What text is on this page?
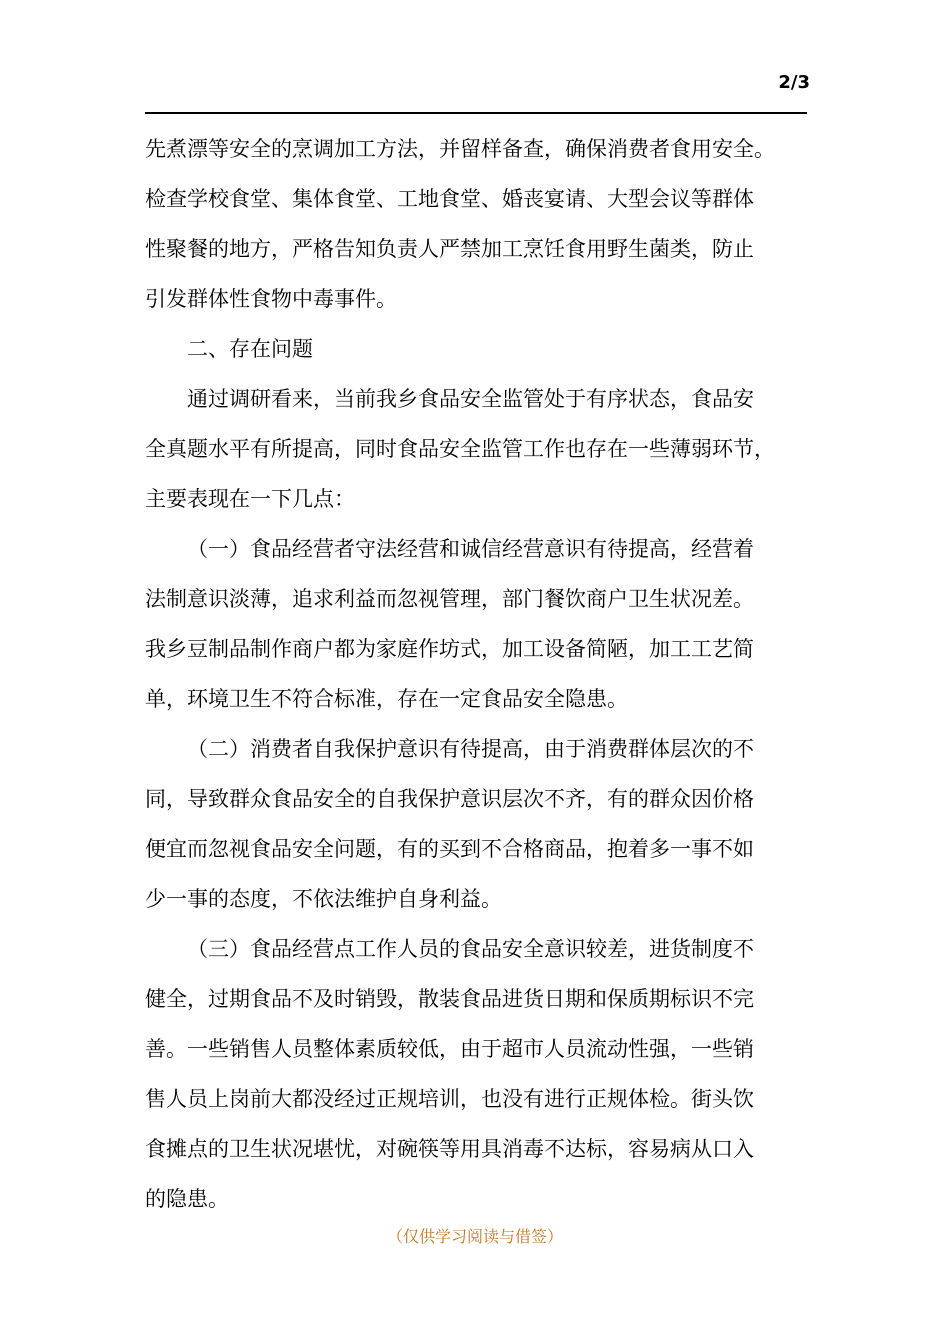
2/3
先煮漂等安全的烹调加工方法，并留样备查，确保消费者食用安全。
检查学校食堂、集体食堂、工地食堂、婚丧宴请、大型会议等群体
性聚餐的地方，严格告知负责人严禁加工烹饪食用野生菌类，防止
引发群体性食物中毒事件。
二、存在问题
通过调研看来，当前我乡食品安全监管处于有序状态，食品安
全真题水平有所提高，同时食品安全监管工作也存在一些薄弱环节，
主要表现在一下几点：
（一）食品经营者守法经营和诚信经营意识有待提高，经营着
法制意识淡薄，追求利益而忽视管理，部门餐饮商户卫生状况差。
我乡豆制品制作商户都为家庭作坊式，加工设备简陋，加工工艺简
单，环境卫生不符合标准，存在一定食品安全隐患。
（二）消费者自我保护意识有待提高，由于消费群体层次的不
同，导致群众食品安全的自我保护意识层次不齐，有的群众因价格
便宜而忽视食品安全问题，有的买到不合格商品，抱着多一事不如
少一事的态度，不依法维护自身利益。
（三）食品经营点工作人员的食品安全意识较差，进货制度不
健全，过期食品不及时销毁，散装食品进货日期和保质期标识不完
善。一些销售人员整体素质较低，由于超市人员流动性强，一些销
售人员上岗前大都没经过正规培训，也没有进行正规体检。街头饮
食摊点的卫生状况堪忧，对碗筷等用具消毒不达标，容易病从口入
的隐患。
（仅供学习阅读与借签）
